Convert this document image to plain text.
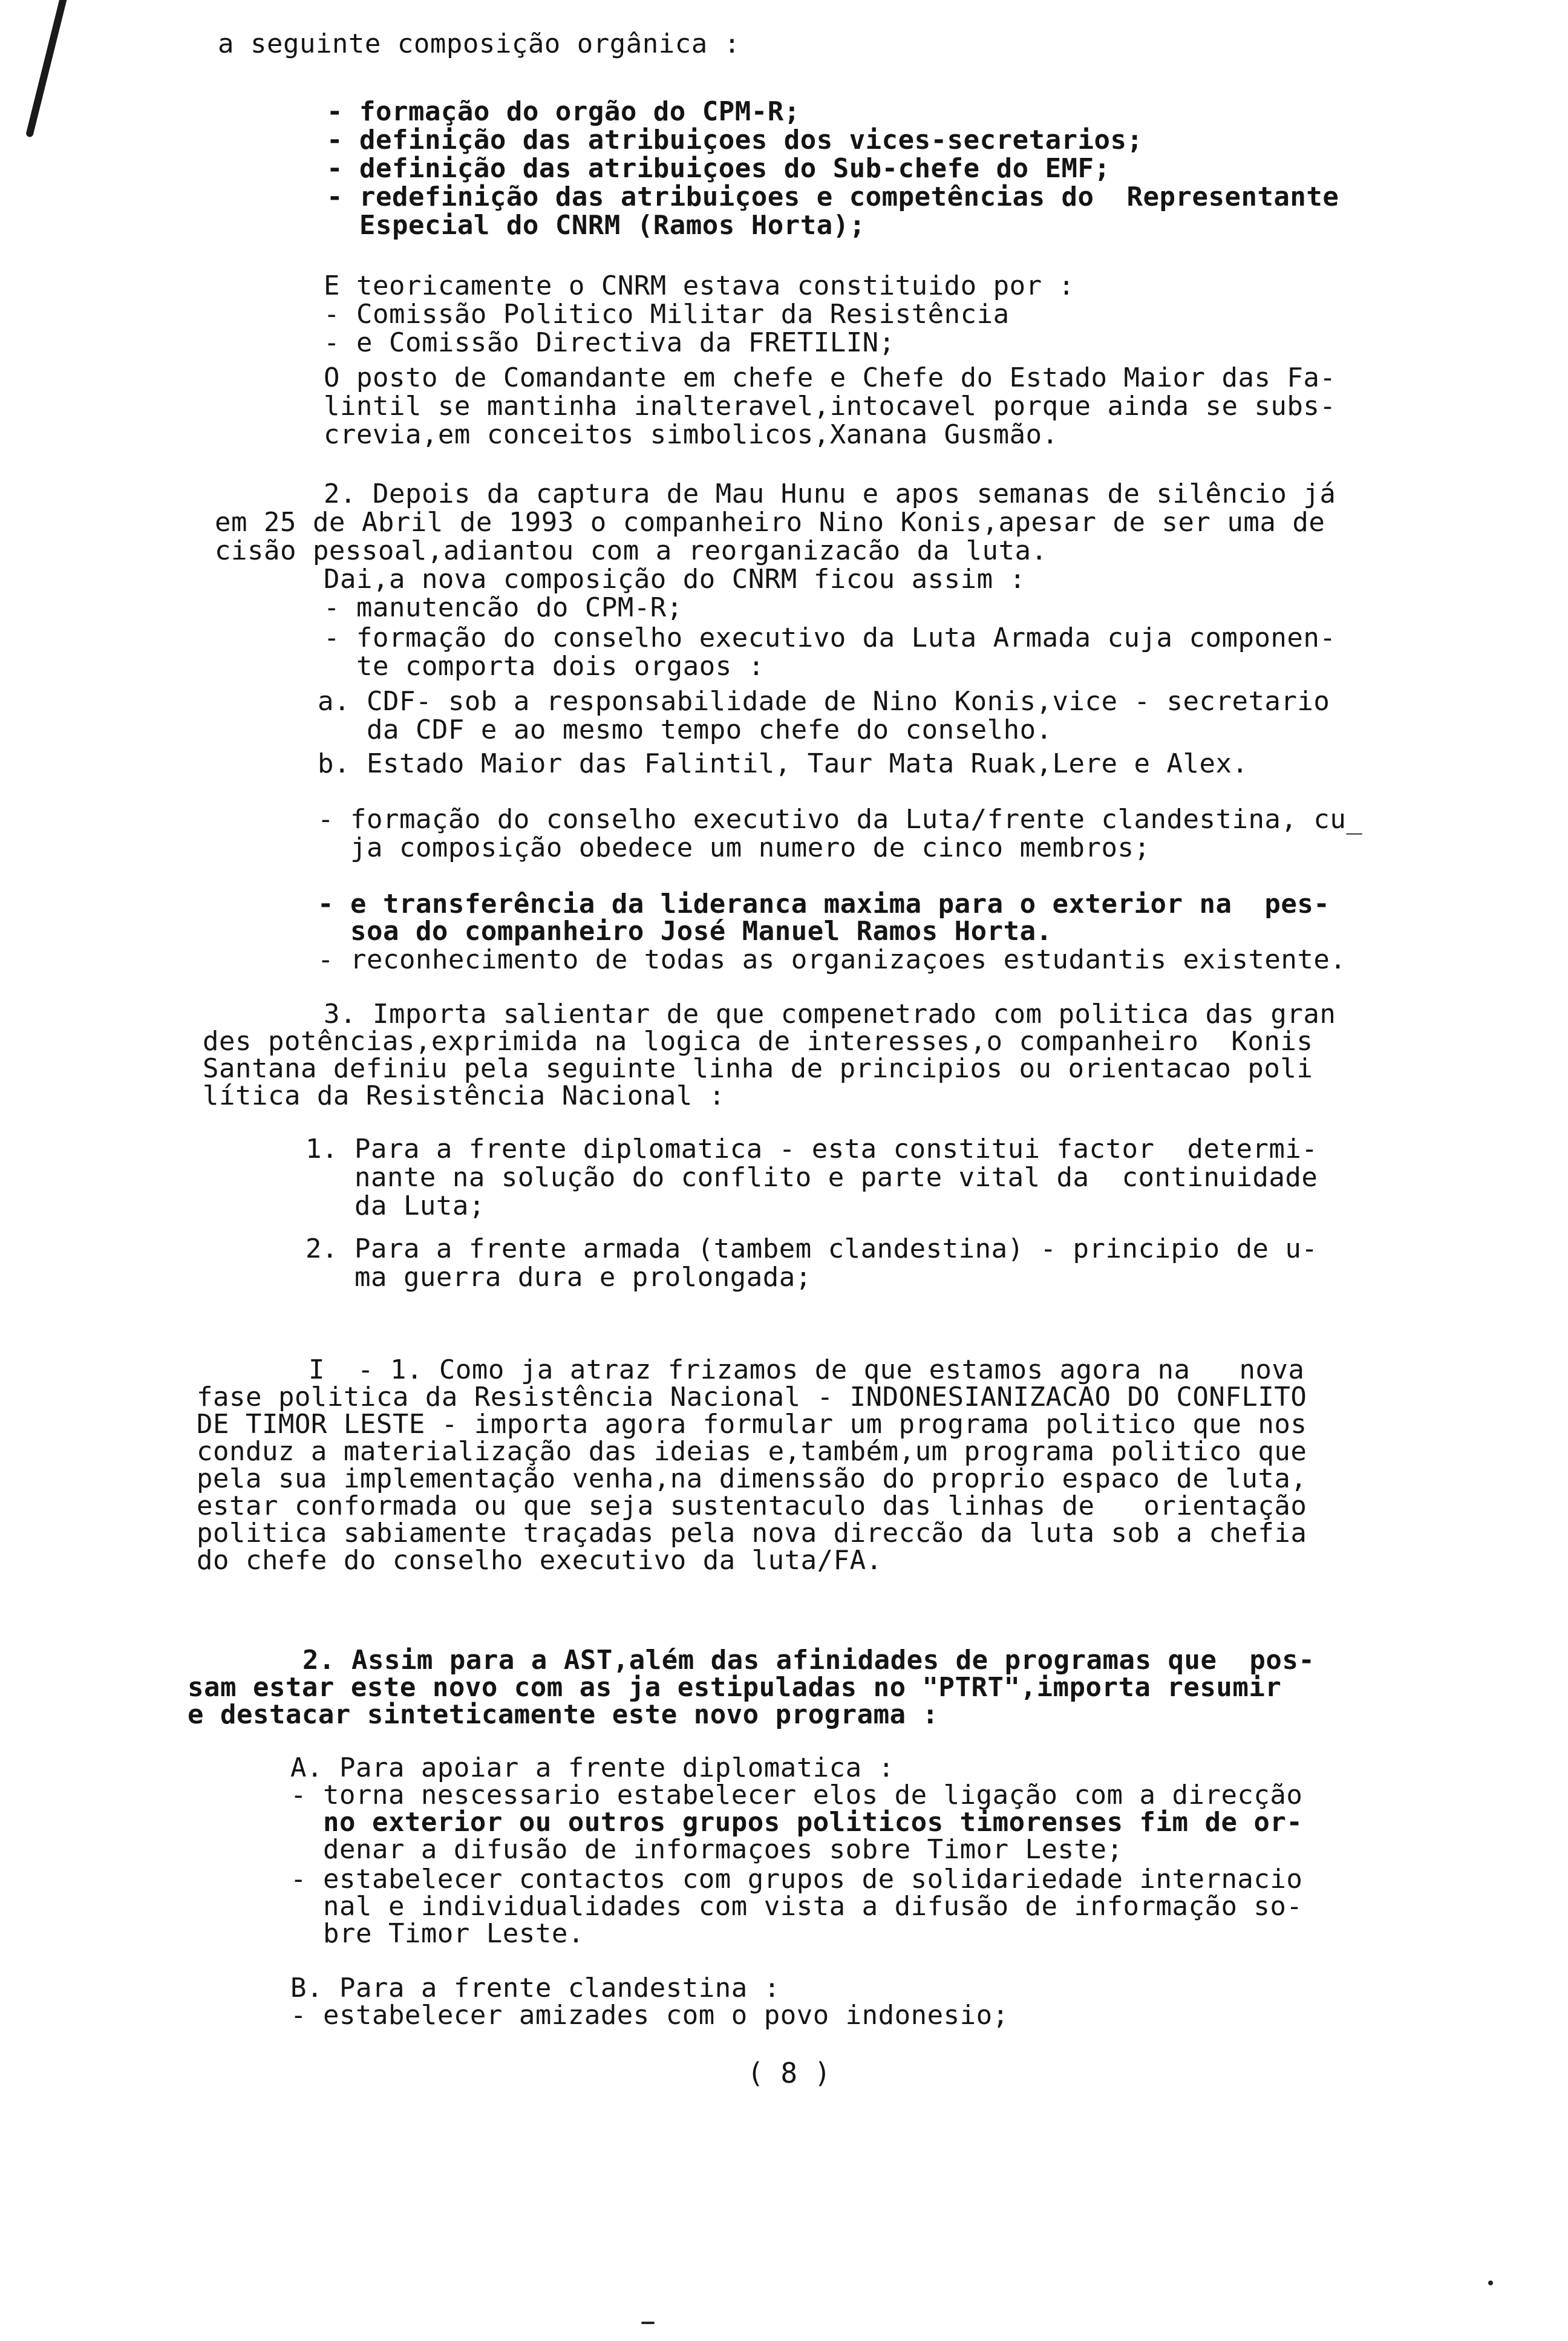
a seguinte composição orgânica :
- formação do orgão do CPM-R;
- definição das atribuiçoes dos vices-secretarios;
- definição das atribuiçoes do Sub-chefe do EMF;
- redefinição das atribuiçoes e competências do  Representante
Especial do CNRM (Ramos Horta);
E teoricamente o CNRM estava constituido por :
- Comissão Politico Militar da Resistência
- e Comissão Directiva da FRETILIN;
O posto de Comandante em chefe e Chefe do Estado Maior das Fa-
lintil se mantinha inalteravel,intocavel porque ainda se subs-
crevia,em conceitos simbolicos,Xanana Gusmão.
2. Depois da captura de Mau Hunu e apos semanas de silêncio já
em 25 de Abril de 1993 o companheiro Nino Konis,apesar de ser uma de
cisão pessoal,adiantou com a reorganizacão da luta.
Dai,a nova composição do CNRM ficou assim :
- manutencão do CPM-R;
- formação do conselho executivo da Luta Armada cuja componen-
te comporta dois orgaos :
a. CDF- sob a responsabilidade de Nino Konis,vice - secretario
da CDF e ao mesmo tempo chefe do conselho.
b. Estado Maior das Falintil, Taur Mata Ruak,Lere e Alex.
- formação do conselho executivo da Luta/frente clandestina, cu_
ja composição obedece um numero de cinco membros;
- e transferência da lideranca maxima para o exterior na  pes-
soa do companheiro José Manuel Ramos Horta.
- reconhecimento de todas as organizaçoes estudantis existente.
3. Importa salientar de que compenetrado com politica das gran
des potências,exprimida na logica de interesses,o companheiro  Konis
Santana definiu pela seguinte linha de principios ou orientacao poli
lítica da Resistência Nacional :
1. Para a frente diplomatica - esta constitui factor  determi-
nante na solução do conflito e parte vital da  continuidade
da Luta;
2. Para a frente armada (tambem clandestina) - principio de u-
ma guerra dura e prolongada;
I  - 1. Como ja atraz frizamos de que estamos agora na   nova
fase politica da Resistência Nacional - INDONESIANIZACAO DO CONFLITO
DE TIMOR LESTE - importa agora formular um programa politico que nos
conduz a materialização das ideias e,também,um programa politico que
pela sua implementação venha,na dimenssão do proprio espaco de luta,
estar conformada ou que seja sustentaculo das linhas de   orientação
politica sabiamente traçadas pela nova direccão da luta sob a chefia
do chefe do conselho executivo da luta/FA.
2. Assim para a AST,além das afinidades de programas que  pos-
sam estar este novo com as ja estipuladas no "PTRT",importa resumir
e destacar sinteticamente este novo programa :
A. Para apoiar a frente diplomatica :
- torna nescessario estabelecer elos de ligação com a direcção
no exterior ou outros grupos politicos timorenses fim de or-
denar a difusão de informaçoes sobre Timor Leste;
- estabelecer contactos com grupos de solidariedade internacio
nal e individualidades com vista a difusão de informação so-
bre Timor Leste.
B. Para a frente clandestina :
- estabelecer amizades com o povo indonesio;
( 8 )
